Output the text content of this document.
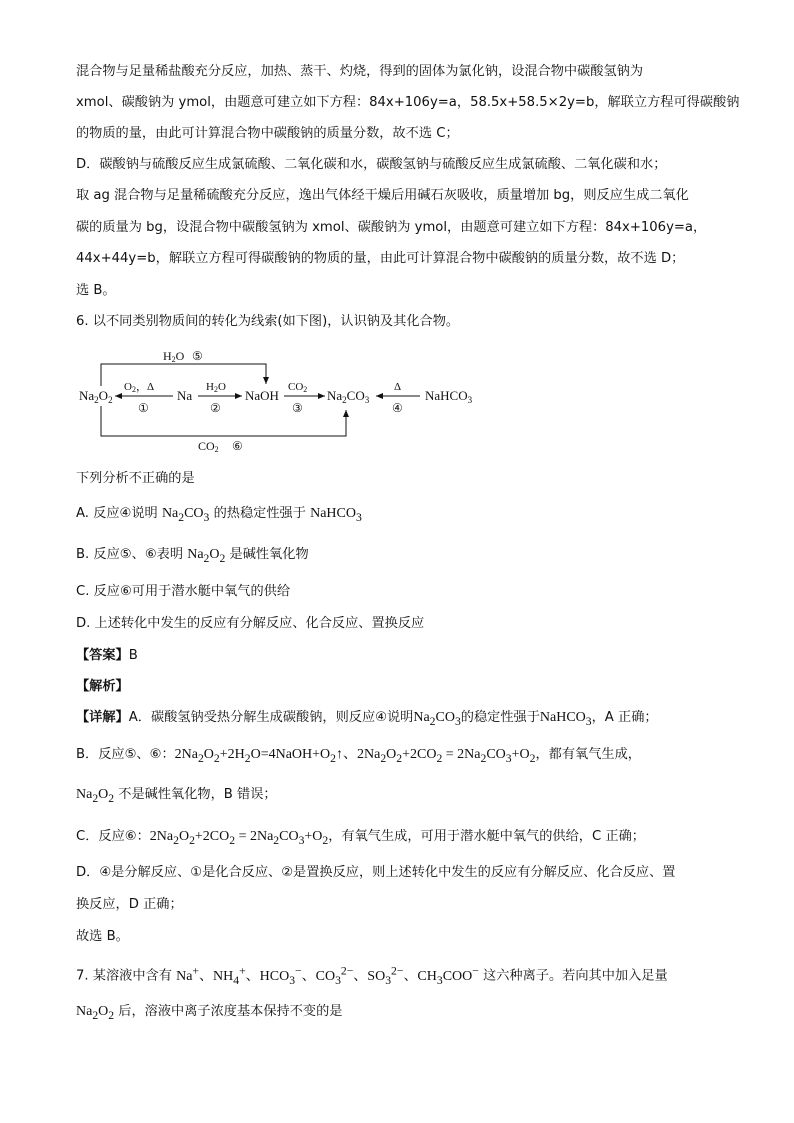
混合物与足量稀盐酸充分反应，加热、蒸干、灼烧，得到的固体为氯化钠，设混合物中碳酸氢钠为
xmol、碳酸钠为 ymol，由题意可建立如下方程：84x+106y=a，58.5x+58.5×2y=b，解联立方程可得碳酸钠
的物质的量，由此可计算混合物中碳酸钠的质量分数，故不选 C；
D．碳酸钠与硫酸反应生成氯硫酸、二氧化碳和水，碳酸氢钠与硫酸反应生成氯硫酸、二氧化碳和水；
取 ag 混合物与足量稀硫酸充分反应，逸出气体经干燥后用碱石灰吸收，质量增加 bg，则反应生成二氧化
碳的质量为 bg，设混合物中碳酸氢钠为 xmol、碳酸钠为 ymol，由题意可建立如下方程：84x+106y=a，
44x+44y=b，解联立方程可得碳酸钠的物质的量，由此可计算混合物中碳酸钠的质量分数，故不选 D；
选 B。
6. 以不同类别物质间的转化为线索(如下图)，认识钠及其化合物。
$Na_2O_2$	Na	NaOH	$Na_2CO_3$	NaHCO$_3$
O2，Δ
①
H2O
②
CO2
③
Δ
④
H2O ⑤
CO2 ⑥
下列分析不正确的是
A. 反应④说明 $Na_2CO_3$ 的热稳定性强于 NaHCO$_3$
B. 反应⑤、⑥表明 $Na_2O_2$ 是碱性氧化物
C. 反应⑥可用于潜水艇中氧气的供给
D. 上述转化中发生的反应有分解反应、化合反应、置换反应
【答案】B
【解析】
【详解】A．碳酸氢钠受热分解生成碳酸钠，则反应④说明$Na_2CO_3$的稳定性强于NaHCO$_3$，A 正确；
B．反应⑤、⑥：$2Na_2O_2+2H_2O=4NaOH+O_2↑$、$2Na_2O_2+2CO_2 = 2Na_2CO_3+O_2$，都有氧气生成，
$Na_2O_2$ 不是碱性氧化物，B 错误；
C．反应⑥：$2Na_2O_2+2CO_2 = 2Na_2CO_3+O_2$，有氧气生成，可用于潜水艇中氧气的供给，C 正确；
D．④是分解反应、①是化合反应、②是置换反应，则上述转化中发生的反应有分解反应、化合反应、置
换反应，D 正确；
故选 B。
7. 某溶液中含有 Na+、$NH_4^+$、$HCO_3^-$、$CO_3^{2-}$、$SO_3^{2-}$、$CH_3COO^-$ 这六种离子。若向其中加入足量
$Na_2O_2$ 后，溶液中离子浓度基本保持不变的是
